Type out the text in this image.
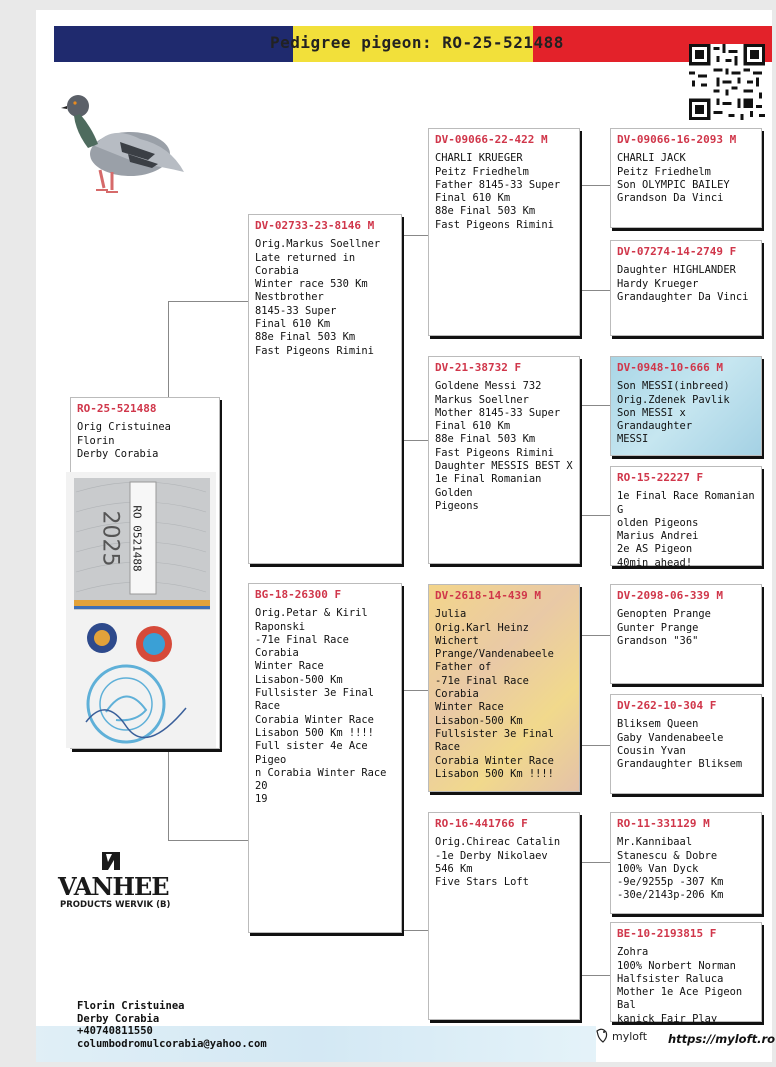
Pedigree pigeon: RO-25-521488
RO-25-521488
Orig Cristuinea Florin
Derby Corabia
2025 RO 0521488
DV-02733-23-8146 M
Orig.Markus Soellner
Late returned in Corabia
Winter race 530 Km
Nestbrother
8145-33 Super
Final 610 Km
88e Final 503 Km
Fast Pigeons Rimini
BG-18-26300 F
Orig.Petar & Kiril
Raponski
-71e Final Race Corabia
Winter Race
Lisabon-500 Km
Fullsister 3e Final Race
Corabia Winter Race
Lisabon 500 Km !!!!
Full sister 4e Ace Pigeo
n Corabia Winter Race 20
19
DV-09066-22-422 M
CHARLI KRUEGER
Peitz Friedhelm
Father 8145-33 Super
Final 610 Km
88e Final 503 Km
Fast Pigeons Rimini
DV-21-38732 F
Goldene Messi 732
Markus Soellner
Mother 8145-33 Super
Final 610 Km
88e Final 503 Km
Fast Pigeons Rimini
Daughter MESSIS BEST X
1e Final Romanian Golden
Pigeons
DV-2618-14-439 M
Julia
Orig.Karl Heinz Wichert
Prange/Vandenabeele
Father of
-71e Final Race Corabia
Winter Race
Lisabon-500 Km
Fullsister 3e Final Race
Corabia Winter Race
Lisabon 500 Km !!!!
RO-16-441766 F
Orig.Chireac Catalin
-1e Derby Nikolaev
546 Km
Five Stars Loft
DV-09066-16-2093 M
CHARLI JACK
Peitz Friedhelm
Son OLYMPIC BAILEY
Grandson Da Vinci
DV-07274-14-2749 F
Daughter HIGHLANDER
Hardy Krueger
Grandaughter Da Vinci
DV-0948-10-666 M
Son MESSI(inbreed)
Orig.Zdenek Pavlik
Son MESSI x Grandaughter
MESSI
RO-15-22227 F
1e Final Race Romanian G
olden Pigeons
Marius Andrei
2e AS Pigeon
40min ahead!
DV-2098-06-339 M
Genopten Prange
Gunter Prange
Grandson "36"
DV-262-10-304 F
Bliksem Queen
Gaby Vandenabeele
Cousin Yvan
Grandaughter Bliksem
RO-11-331129 M
Mr.Kannibaal
Stanescu & Dobre
100% Van Dyck
-9e/9255p -307 Km
-30e/2143p-206 Km
BE-10-2193815 F
Zohra
100% Norbert Norman
Halfsister Raluca
Mother 1e Ace Pigeon Bal
kanick Fair Play
VANHEE
PRODUCTS WERVIK (B)
Florin Cristuinea
Derby Corabia
+40740811550
columbodromulcorabia@yahoo.com
myloft https://myloft.ro
